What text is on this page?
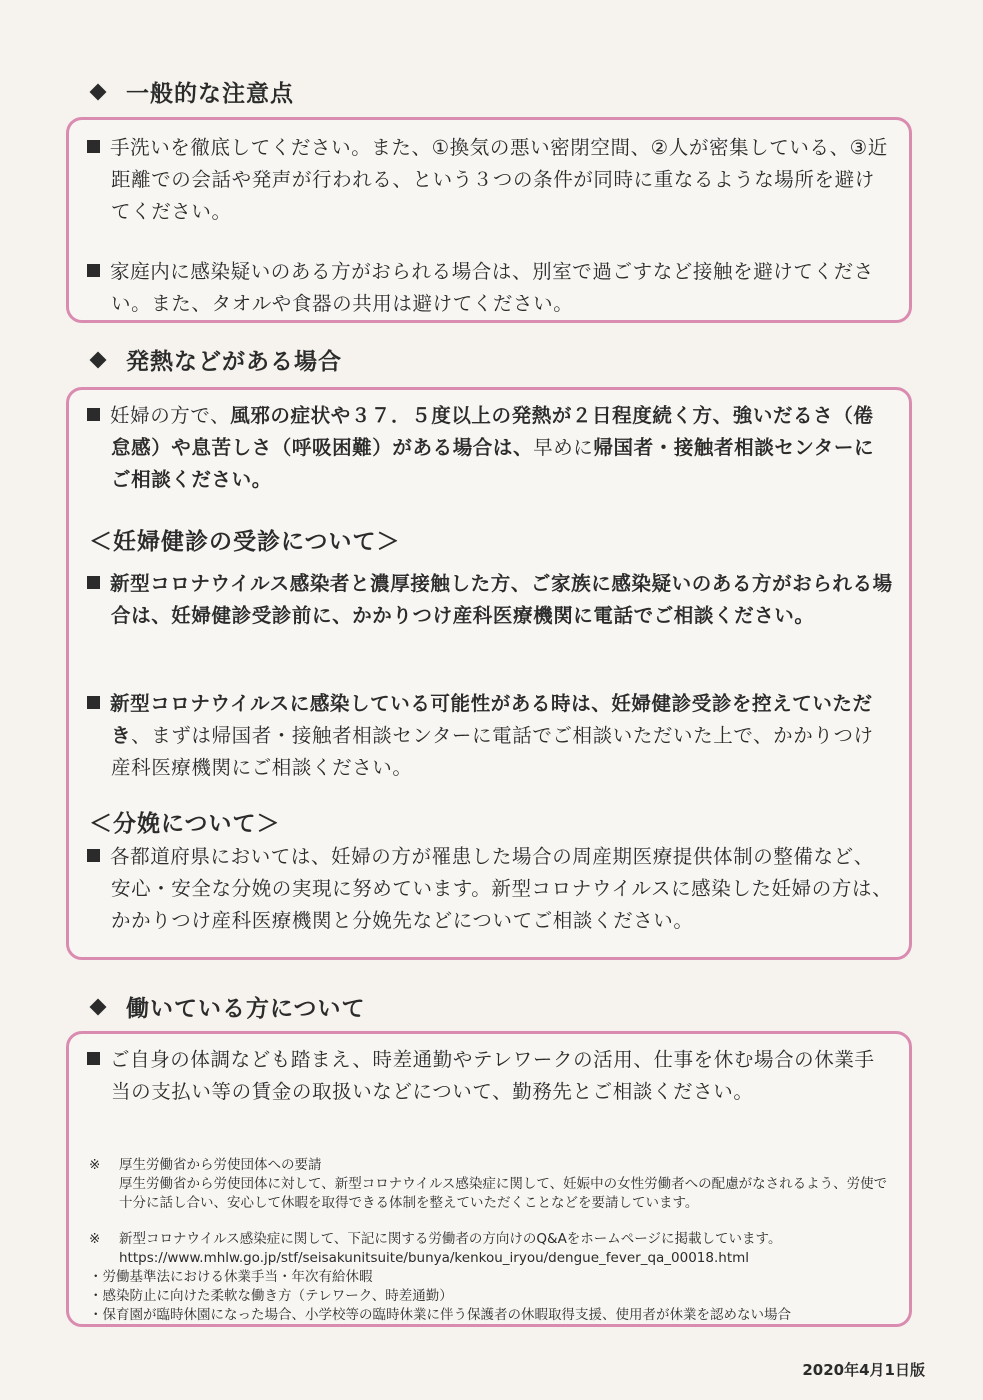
一般的な注意点
手洗いを徹底してください。また、①換気の悪い密閉空間、②人が密集している、③近距離での会話や発声が行われる、という３つの条件が同時に重なるような場所を避けてください。
家庭内に感染疑いのある方がおられる場合は、別室で過ごすなど接触を避けてください。また、タオルや食器の共用は避けてください。
発熱などがある場合
妊婦の方で、風邪の症状や３７．５度以上の発熱が２日程度続く方、強いだるさ（倦怠感）や息苦しさ（呼吸困難）がある場合は、早めに帰国者・接触者相談センターにご相談ください。
＜妊婦健診の受診について＞
新型コロナウイルス感染者と濃厚接触した方、ご家族に感染疑いのある方がおられる場合は、妊婦健診受診前に、かかりつけ産科医療機関に電話でご相談ください。
新型コロナウイルスに感染している可能性がある時は、妊婦健診受診を控えていただき、まずは帰国者・接触者相談センターに電話でご相談いただいた上で、かかりつけ産科医療機関にご相談ください。
＜分娩について＞
各都道府県においては、妊婦の方が罹患した場合の周産期医療提供体制の整備など、安心・安全な分娩の実現に努めています。新型コロナウイルスに感染した妊婦の方は、かかりつけ産科医療機関と分娩先などについてご相談ください。
働いている方について
ご自身の体調なども踏まえ、時差通勤やテレワークの活用、仕事を休む場合の休業手当の支払い等の賃金の取扱いなどについて、勤務先とご相談ください。
※ 厚生労働省から労使団体への要請
厚生労働省から労使団体に対して、新型コロナウイルス感染症に関して、妊娠中の女性労働者への配慮がなされるよう、労使で十分に話し合い、安心して休暇を取得できる体制を整えていただくことなどを要請しています。
※ 新型コロナウイルス感染症に関して、下記に関する労働者の方向けのQ&Aをホームページに掲載しています。
https://www.mhlw.go.jp/stf/seisakunitsuite/bunya/kenkou_iryou/dengue_fever_qa_00018.html
・労働基準法における休業手当・年次有給休暇
・感染防止に向けた柔軟な働き方（テレワーク、時差通勤）
・保育園が臨時休園になった場合、小学校等の臨時休業に伴う保護者の休暇取得支援、使用者が休業を認めない場合
2020年4月1日版
